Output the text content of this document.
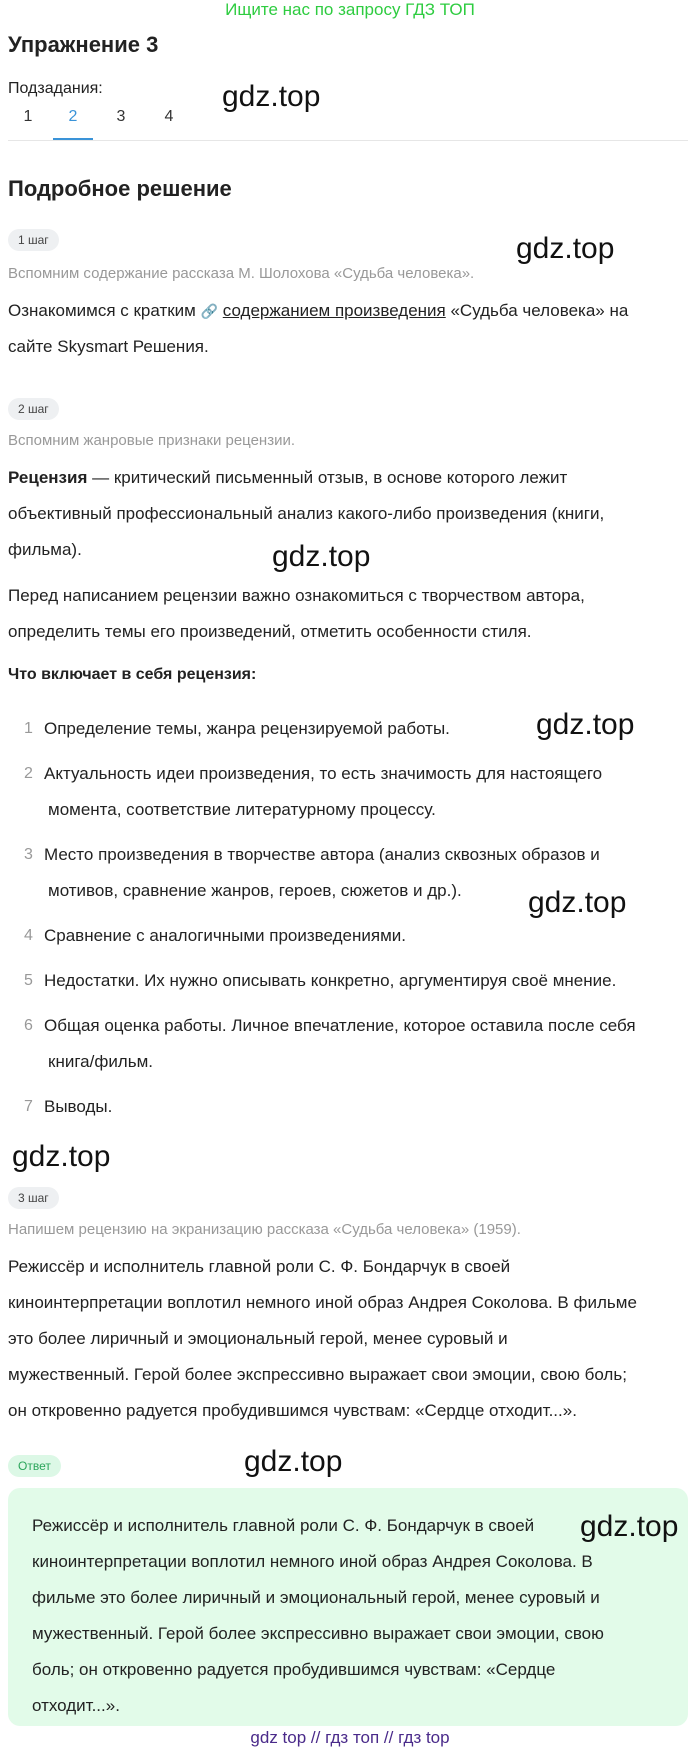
Ищите нас по запросу ГДЗ ТОП
Упражнение 3
Подзадания:
1	2	3	4
gdz.top
Подробное решение
1 шаг	gdz.top
Вспомним содержание рассказа М. Шолохова «Судьба человека».
Ознакомимся с кратким 🔗 содержанием произведения «Судьба человека» на
сайте Skysmart Решения.
2 шаг
Вспомним жанровые признаки рецензии.
Рецензия — критический письменный отзыв, в основе которого лежит
объективный профессиональный анализ какого-либо произведения (книги,
фильма).	gdz.top
Перед написанием рецензии важно ознакомиться с творчеством автора,
определить темы его произведений, отметить особенности стиля.
Что включает в себя рецензия:
1 Определение темы, жанра рецензируемой работы.	gdz.top
2 Актуальность идеи произведения, то есть значимость для настоящего
момента, соответствие литературному процессу.
3 Место произведения в творчестве автора (анализ сквозных образов и
мотивов, сравнение жанров, героев, сюжетов и др.). gdz.top
4 Сравнение с аналогичными произведениями.
5 Недостатки. Их нужно описывать конкретно, аргументируя своё мнение.
6 Общая оценка работы. Личное впечатление, которое оставила после себя
книга/фильм.
7 Выводы.
gdz.top
3 шаг
Напишем рецензию на экранизацию рассказа «Судьба человека» (1959).
Режиссёр и исполнитель главной роли С. Ф. Бондарчук в своей
киноинтерпретации воплотил немного иной образ Андрея Соколова. В фильме
это более лиричный и эмоциональный герой, менее суровый и
мужественный. Герой более экспрессивно выражает свои эмоции, свою боль;
он откровенно радуется пробудившимся чувствам: «Сердце отходит...».
Ответ	gdz.top
Режиссёр и исполнитель главной роли С. Ф. Бондарчук в своей
киноинтерпретации воплотил немного иной образ Андрея Соколова. В
фильме это более лиричный и эмоциональный герой, менее суровый и
мужественный. Герой более экспрессивно выражает свои эмоции, свою
боль; он откровенно радуется пробудившимся чувствам: «Сердце
отходит...».
gdz.top
gdz top // гдз топ // гдз top
